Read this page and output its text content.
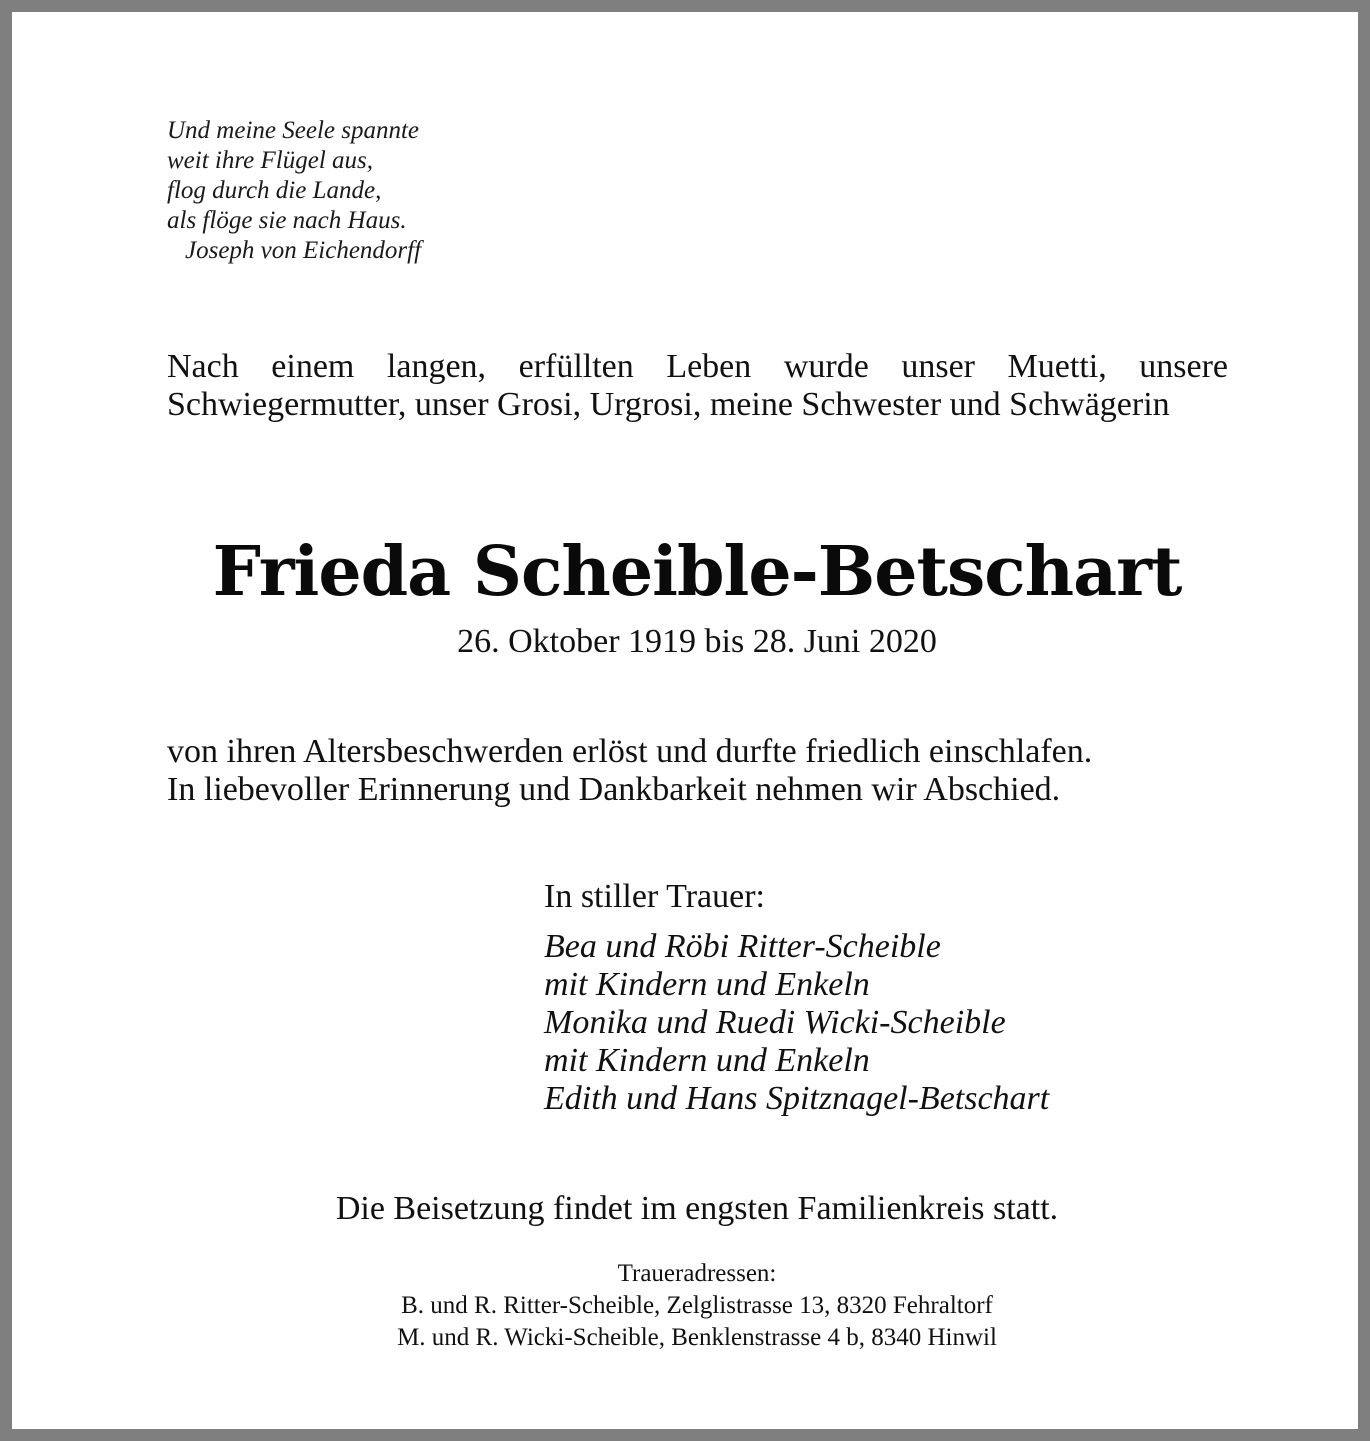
Und meine Seele spannte
weit ihre Flügel aus,
flog durch die Lande,
als flöge sie nach Haus.
Joseph von Eichendorff
Nach einem langen, erfüllten Leben wurde unser Muetti, unsere Schwiegermutter, unser Grosi, Urgrosi, meine Schwester und Schwägerin
Frieda Scheible-Betschart
26. Oktober 1919 bis 28. Juni 2020
von ihren Altersbeschwerden erlöst und durfte friedlich einschlafen.
In liebevoller Erinnerung und Dankbarkeit nehmen wir Abschied.
In stiller Trauer:
Bea und Röbi Ritter-Scheible
mit Kindern und Enkeln
Monika und Ruedi Wicki-Scheible
mit Kindern und Enkeln
Edith und Hans Spitznagel-Betschart
Die Beisetzung findet im engsten Familienkreis statt.
Traueradressen:
B. und R. Ritter-Scheible, Zelglistrasse 13, 8320 Fehraltorf
M. und R. Wicki-Scheible, Benklenstrasse 4 b, 8340 Hinwil
